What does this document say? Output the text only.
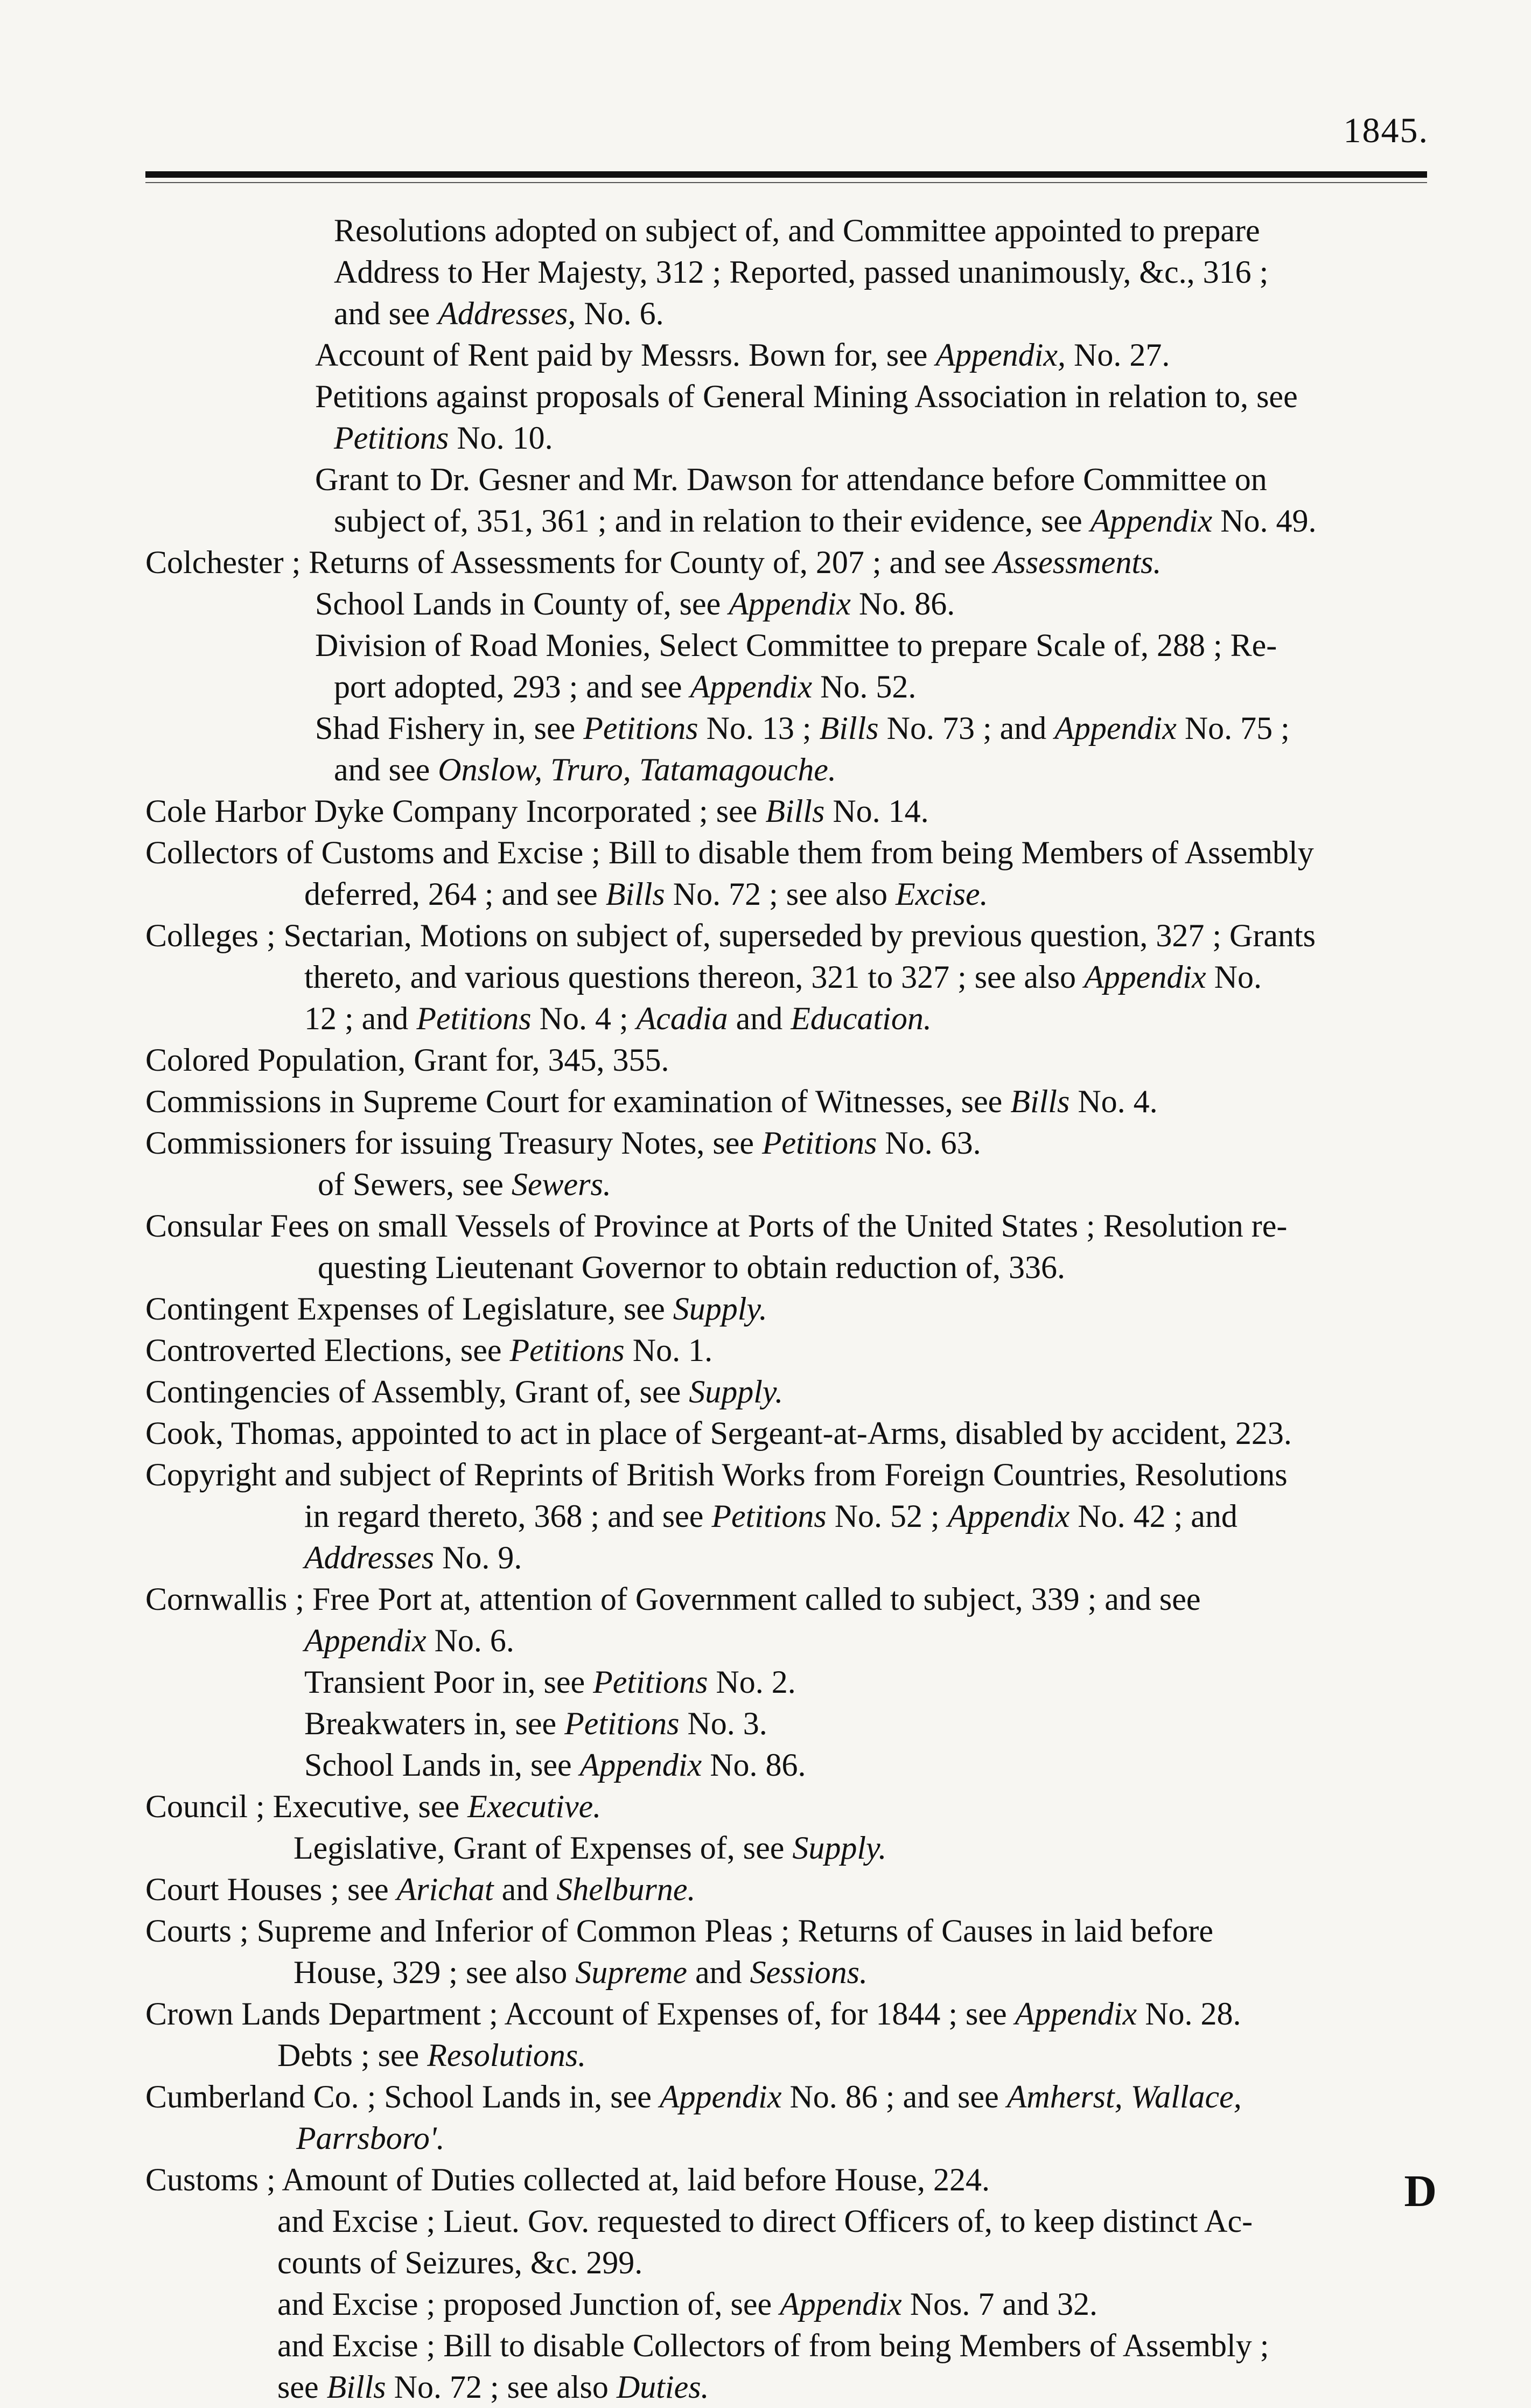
1845.
Resolutions adopted on subject of, and Committee appointed to prepare
Address to Her Majesty, 312 ; Reported, passed unanimously, &c., 316 ;
and see Addresses, No. 6.
Account of Rent paid by Messrs. Bown for, see Appendix, No. 27.
Petitions against proposals of General Mining Association in relation to, see
Petitions No. 10.
Grant to Dr. Gesner and Mr. Dawson for attendance before Committee on
subject of, 351, 361 ; and in relation to their evidence, see Appendix No. 49.
Colchester ; Returns of Assessments for County of, 207 ; and see Assessments.
School Lands in County of, see Appendix No. 86.
Division of Road Monies, Select Committee to prepare Scale of, 288 ; Re-
port adopted, 293 ; and see Appendix No. 52.
Shad Fishery in, see Petitions No. 13 ; Bills No. 73 ; and Appendix No. 75 ;
and see Onslow, Truro, Tatamagouche.
Cole Harbor Dyke Company Incorporated ; see Bills No. 14.
Collectors of Customs and Excise ; Bill to disable them from being Members of Assembly
deferred, 264 ; and see Bills No. 72 ; see also Excise.
Colleges ; Sectarian, Motions on subject of, superseded by previous question, 327 ; Grants
thereto, and various questions thereon, 321 to 327 ; see also Appendix No.
12 ; and Petitions No. 4 ; Acadia and Education.
Colored Population, Grant for, 345, 355.
Commissions in Supreme Court for examination of Witnesses, see Bills No. 4.
Commissioners for issuing Treasury Notes, see Petitions No. 63.
of Sewers, see Sewers.
Consular Fees on small Vessels of Province at Ports of the United States ; Resolution re-
questing Lieutenant Governor to obtain reduction of, 336.
Contingent Expenses of Legislature, see Supply.
Controverted Elections, see Petitions No. 1.
Contingencies of Assembly, Grant of, see Supply.
Cook, Thomas, appointed to act in place of Sergeant-at-Arms, disabled by accident, 223.
Copyright and subject of Reprints of British Works from Foreign Countries, Resolutions
in regard thereto, 368 ; and see Petitions No. 52 ; Appendix No. 42 ; and
Addresses No. 9.
Cornwallis ; Free Port at, attention of Government called to subject, 339 ; and see
Appendix No. 6.
Transient Poor in, see Petitions No. 2.
Breakwaters in, see Petitions No. 3.
School Lands in, see Appendix No. 86.
Council ; Executive, see Executive.
Legislative, Grant of Expenses of, see Supply.
Court Houses ; see Arichat and Shelburne.
Courts ; Supreme and Inferior of Common Pleas ; Returns of Causes in laid before
House, 329 ; see also Supreme and Sessions.
Crown Lands Department ; Account of Expenses of, for 1844 ; see Appendix No. 28.
Debts ; see Resolutions.
Cumberland Co. ; School Lands in, see Appendix No. 86 ; and see Amherst, Wallace,
Parrsboro'.
Customs ; Amount of Duties collected at, laid before House, 224.
and Excise ; Lieut. Gov. requested to direct Officers of, to keep distinct Ac-
counts of Seizures, &c. 299.
and Excise ; proposed Junction of, see Appendix Nos. 7 and 32.
and Excise ; Bill to disable Collectors of from being Members of Assembly ;
see Bills No. 72 ; see also Duties.
D
